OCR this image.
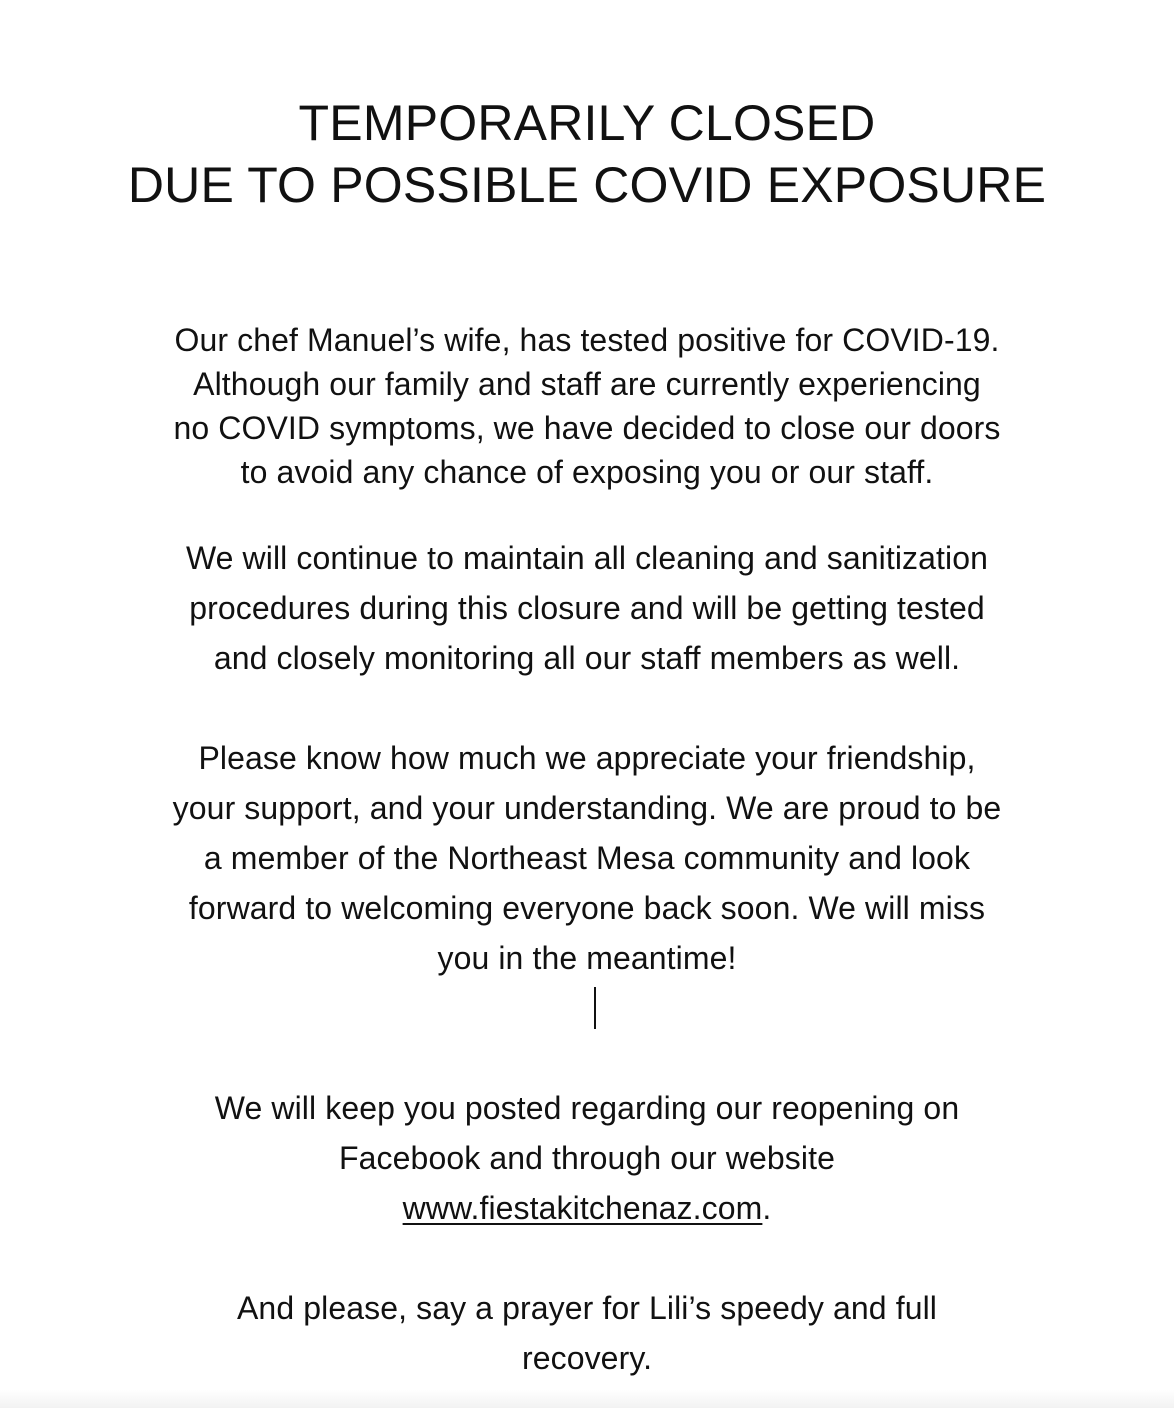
TEMPORARILY CLOSED
DUE TO POSSIBLE COVID EXPOSURE

Our chef Manuel’s wife, has tested positive for COVID-19.
Although our family and staff are currently experiencing
no COVID symptoms, we have decided to close our doors
to avoid any chance of exposing you or our staff.

We will continue to maintain all cleaning and sanitization
procedures during this closure and will be getting tested
and closely monitoring all our staff members as well.

Please know how much we appreciate your friendship,
your support, and your understanding. We are proud to be
a member of the Northeast Mesa community and look
forward to welcoming everyone back soon. We will miss
you in the meantime!

We will keep you posted regarding our reopening on
Facebook and through our website
www.fiestakitchenaz.com.

And please, say a prayer for Lili’s speedy and full
recovery.
